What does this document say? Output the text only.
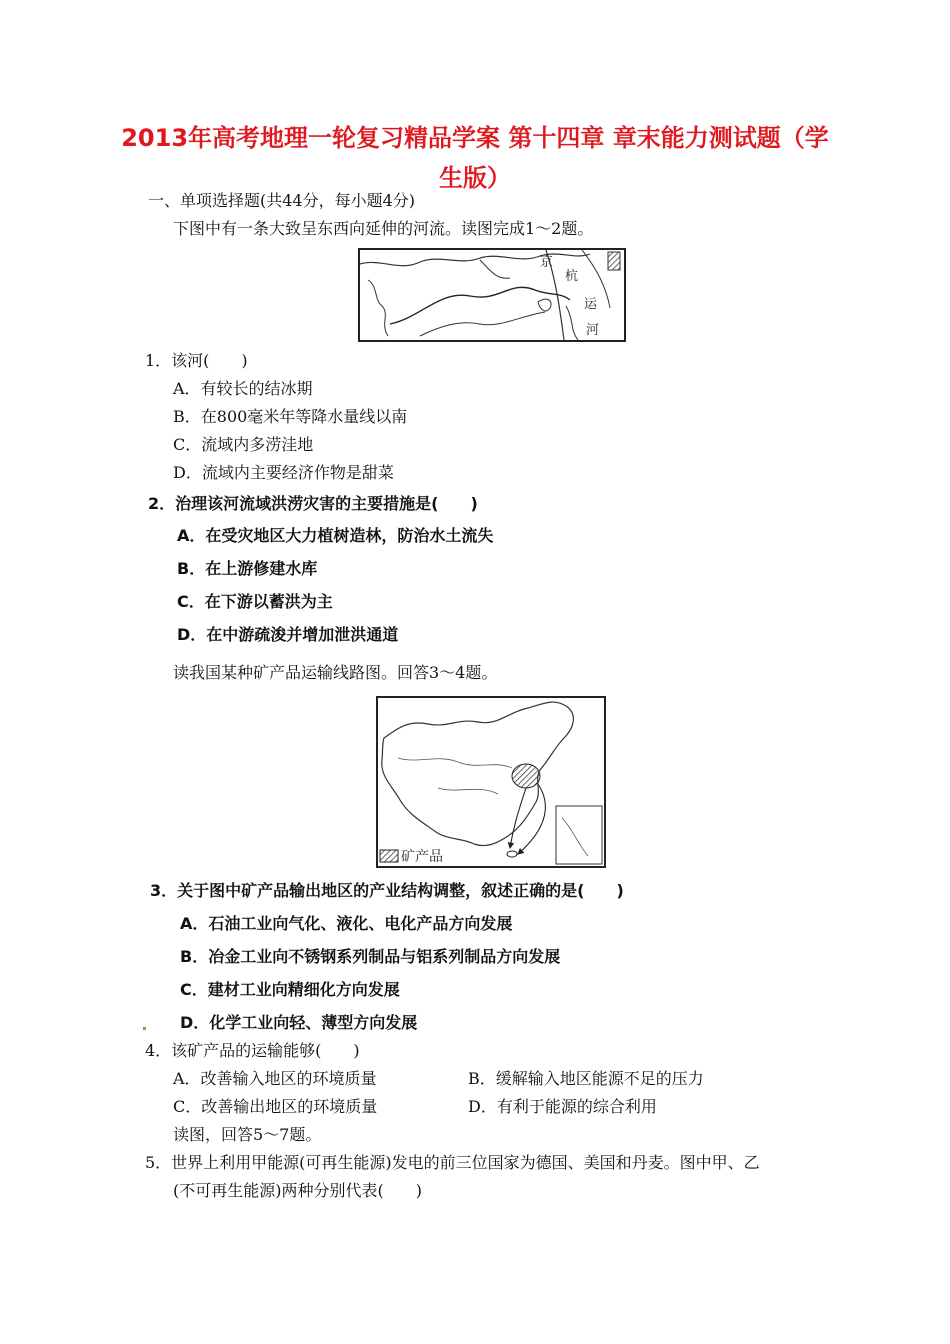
2013年高考地理一轮复习精品学案 第十四章 章末能力测试题（学生版）
一、单项选择题(共44分，每小题4分)
下图中有一条大致呈东西向延伸的河流。读图完成1～2题。
京
杭
运
河
1．该河(　　)
A．有较长的结冰期
B．在800毫米年等降水量线以南
C．流域内多涝洼地
D．流域内主要经济作物是甜菜
2．治理该河流域洪涝灾害的主要措施是(　　)
A．在受灾地区大力植树造林，防治水土流失
B．在上游修建水库
C．在下游以蓄洪为主
D．在中游疏浚并增加泄洪通道
读我国某种矿产品运输线路图。回答3～4题。
矿产品
3．关于图中矿产品输出地区的产业结构调整，叙述正确的是(　　)
A．石油工业向气化、液化、电化产品方向发展
B．冶金工业向不锈钢系列制品与铝系列制品方向发展
C．建材工业向精细化方向发展
D．化学工业向轻、薄型方向发展
4．该矿产品的运输能够(　　)
A．改善输入地区的环境质量	B．缓解输入地区能源不足的压力
C．改善输出地区的环境质量	D．有利于能源的综合利用
读图，回答5～7题。
5．世界上利用甲能源(可再生能源)发电的前三位国家为德国、美国和丹麦。图中甲、乙
(不可再生能源)两种分别代表(　　)
